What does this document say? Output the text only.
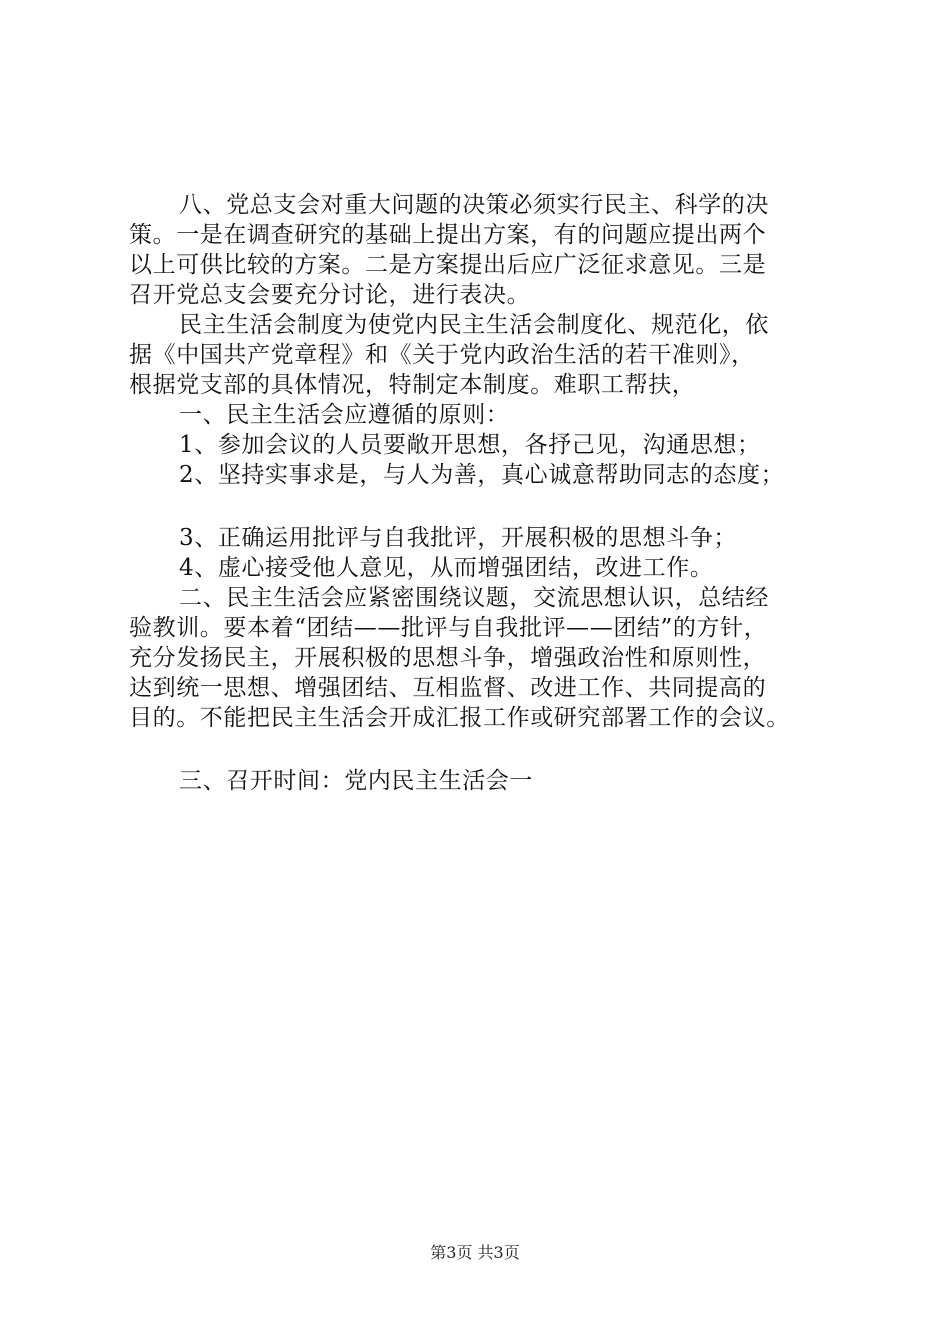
八、党总支会对重大问题的决策必须实行民主、科学的决
策。一是在调查研究的基础上提出方案，有的问题应提出两个
以上可供比较的方案。二是方案提出后应广泛征求意见。三是
召开党总支会要充分讨论，进行表决。
民主生活会制度为使党内民主生活会制度化、规范化，依
据《中国共产党章程》和《关于党内政治生活的若干准则》，
根据党支部的具体情况，特制定本制度。难职工帮扶，
一、民主生活会应遵循的原则：
1、参加会议的人员要敞开思想，各抒己见，沟通思想；
2、坚持实事求是，与人为善，真心诚意帮助同志的态度；
3、正确运用批评与自我批评，开展积极的思想斗争；
4、虚心接受他人意见，从而增强团结，改进工作。
二、民主生活会应紧密围绕议题，交流思想认识，总结经
验教训。要本着“团结——批评与自我批评——团结”的方针，
充分发扬民主，开展积极的思想斗争，增强政治性和原则性，
达到统一思想、增强团结、互相监督、改进工作、共同提高的
目的。不能把民主生活会开成汇报工作或研究部署工作的会议。
三、召开时间：党内民主生活会一
第3页 共3页
